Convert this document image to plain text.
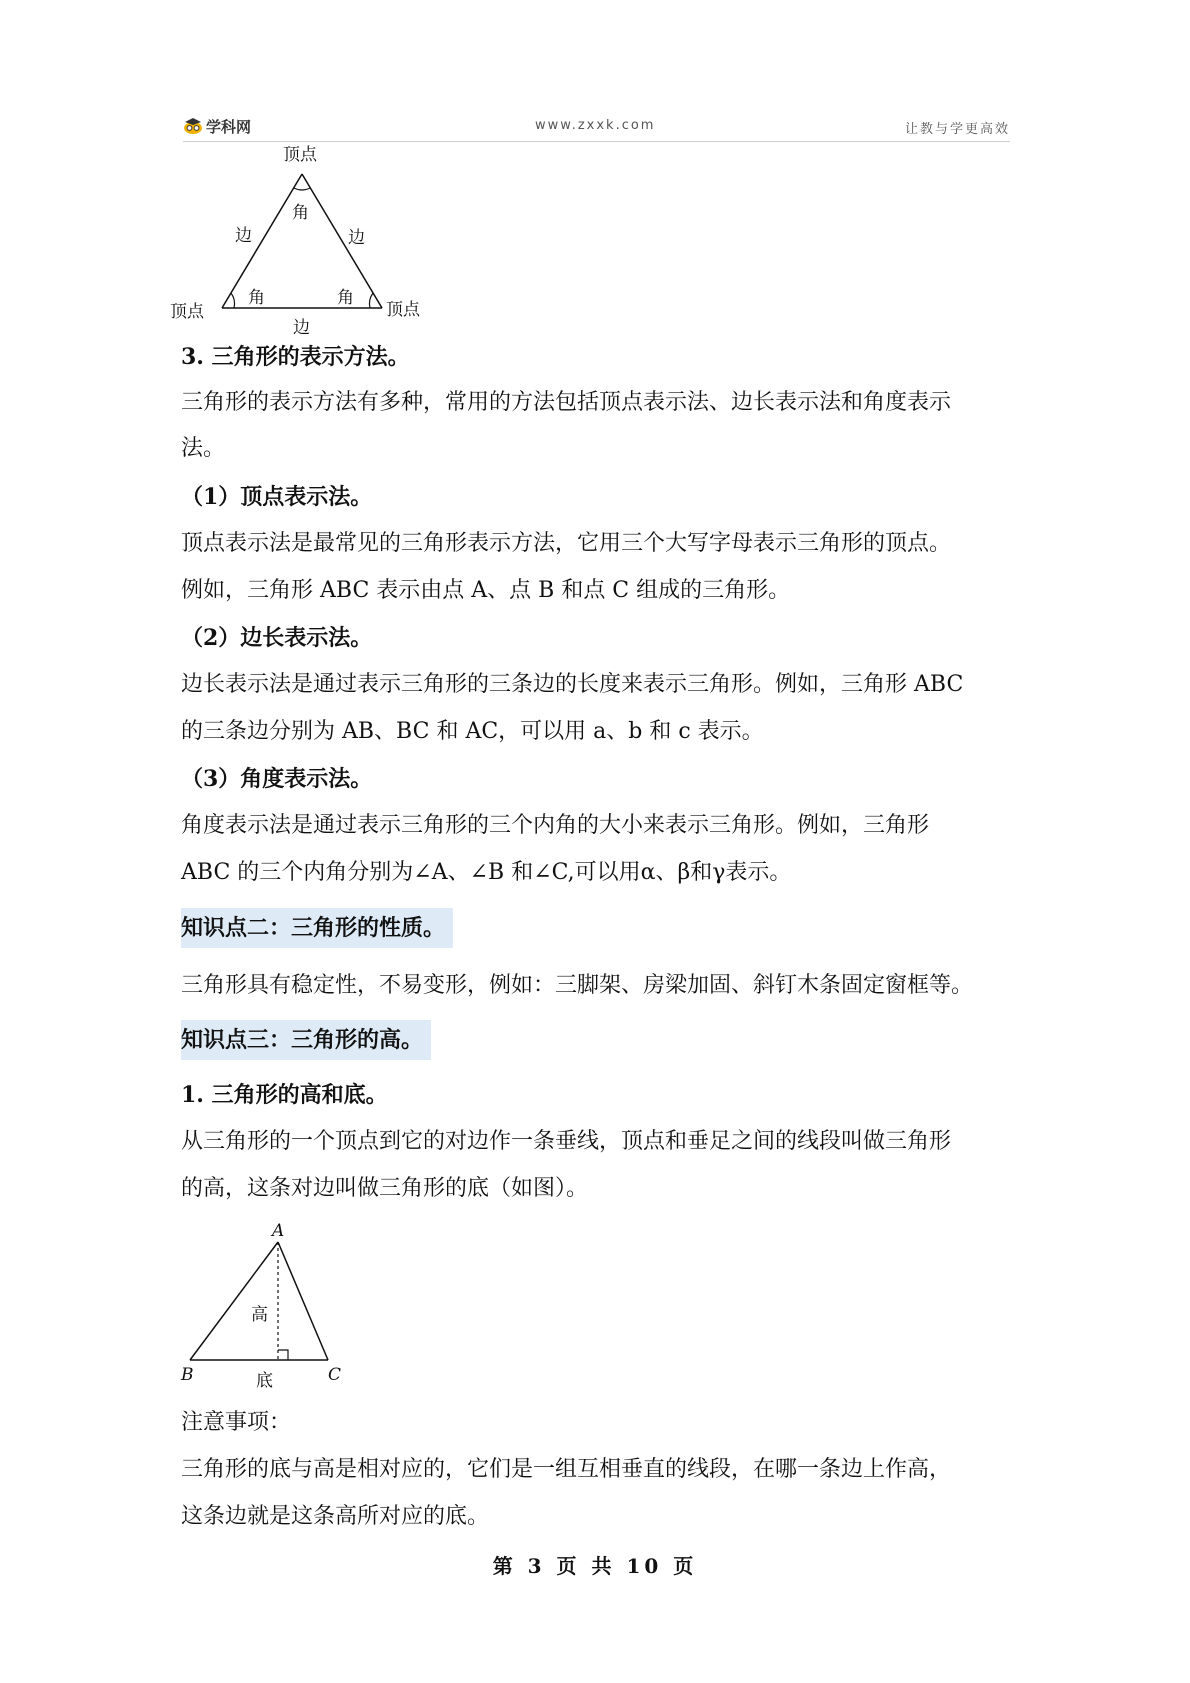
学科网	www.zxxk.com	让教与学更高效
顶点
顶点	顶点
边	边
边
角
角	角
3. 三角形的表示方法。
三角形的表示方法有多种，常用的方法包括顶点表示法、边长表示法和角度表示
法。
（1）顶点表示法。
顶点表示法是最常见的三角形表示方法，它用三个大写字母表示三角形的顶点。
例如，三角形 ABC 表示由点 A、点 B 和点 C 组成的三角形。
（2）边长表示法。
边长表示法是通过表示三角形的三条边的长度来表示三角形。例如，三角形 ABC
的三条边分别为 AB、BC 和 AC，可以用 a、b 和 c 表示。
（3）角度表示法。
角度表示法是通过表示三角形的三个内角的大小来表示三角形。例如，三角形
ABC 的三个内角分别为∠A、∠B 和∠C,可以用α、β和γ表示。
知识点二：三角形的性质。
三角形具有稳定性，不易变形，例如：三脚架、房梁加固、斜钉木条固定窗框等。
知识点三：三角形的高。
1. 三角形的高和底。
从三角形的一个顶点到它的对边作一条垂线，顶点和垂足之间的线段叫做三角形
的高，这条对边叫做三角形的底（如图）。
A
B	C
高
底
注意事项：
三角形的底与高是相对应的，它们是一组互相垂直的线段，在哪一条边上作高，
这条边就是这条高所对应的底。
第 3 页 共 10 页
